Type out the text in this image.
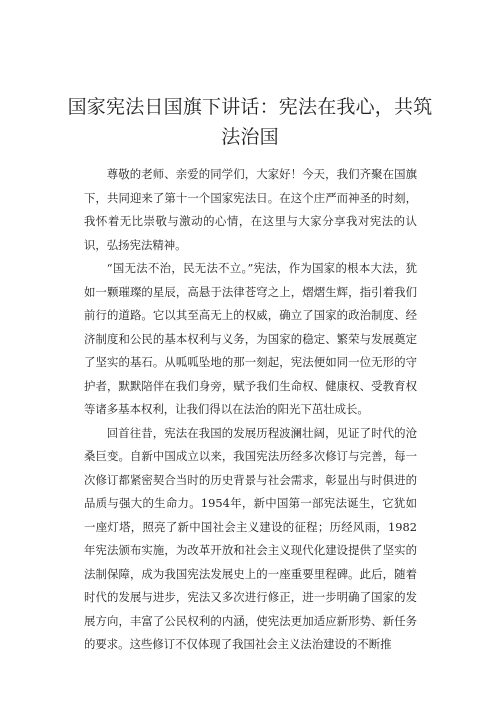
国家宪法日国旗下讲话：宪法在我心，共筑法治国

尊敬的老师、亲爱的同学们，大家好！今天，我们齐聚在国旗下，共同迎来了第十一个国家宪法日。在这个庄严而神圣的时刻，我怀着无比崇敬与激动的心情，在这里与大家分享我对宪法的认识，弘扬宪法精神。

“国无法不治，民无法不立。”宪法，作为国家的根本大法，犹如一颗璀璨的星辰，高悬于法律苍穹之上，熠熠生辉，指引着我们前行的道路。它以其至高无上的权威，确立了国家的政治制度、经济制度和公民的基本权利与义务，为国家的稳定、繁荣与发展奠定了坚实的基石。从呱呱坠地的那一刻起，宪法便如同一位无形的守护者，默默陪伴在我们身旁，赋予我们生命权、健康权、受教育权等诸多基本权利，让我们得以在法治的阳光下茁壮成长。

回首往昔，宪法在我国的发展历程波澜壮阔，见证了时代的沧桑巨变。自新中国成立以来，我国宪法历经多次修订与完善，每一次修订都紧密契合当时的历史背景与社会需求，彰显出与时俱进的品质与强大的生命力。1954年，新中国第一部宪法诞生，它犹如一座灯塔，照亮了新中国社会主义建设的征程；历经风雨，1982年宪法颁布实施，为改革开放和社会主义现代化建设提供了坚实的法制保障，成为我国宪法发展史上的一座重要里程碑。此后，随着时代的发展与进步，宪法又多次进行修正，进一步明确了国家的发展方向，丰富了公民权利的内涵，使宪法更加适应新形势、新任务的要求。这些修订不仅体现了我国社会主义法治建设的不断推
